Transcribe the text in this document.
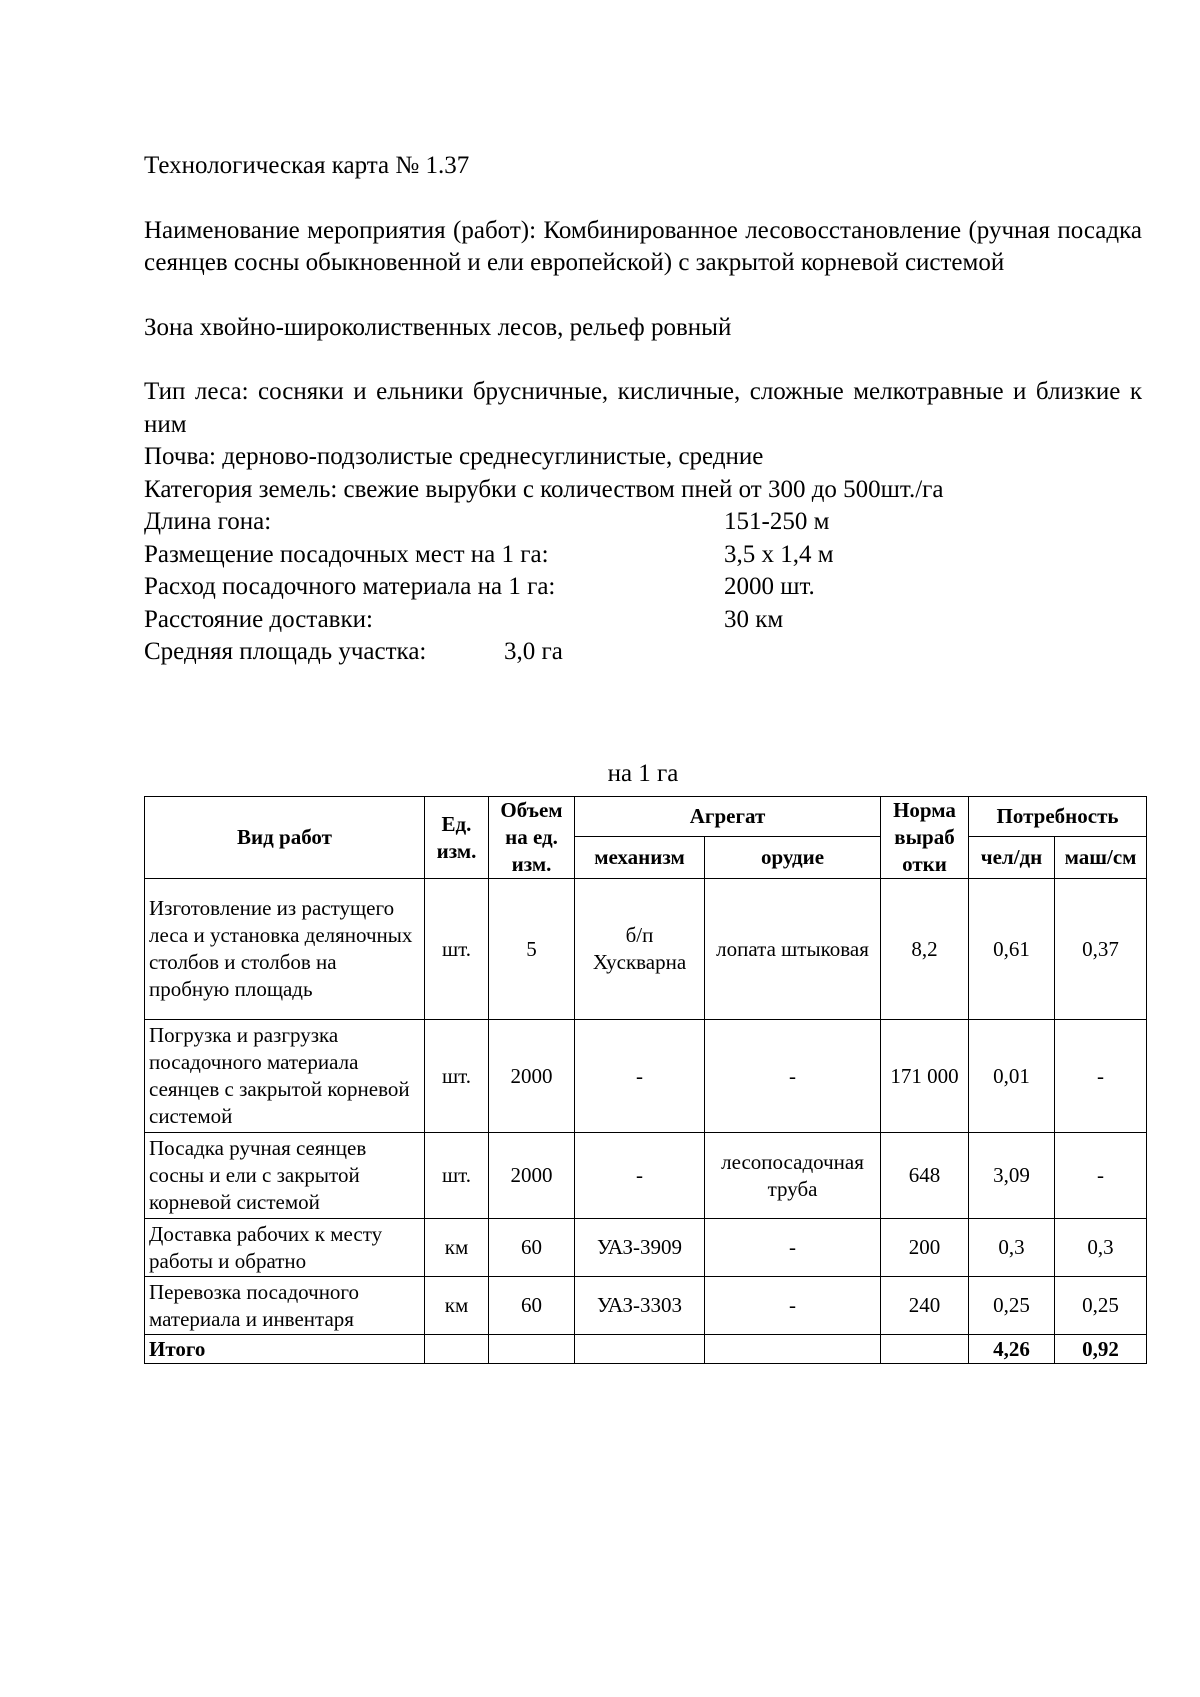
Технологическая карта № 1.37
Наименование мероприятия (работ): Комбинированное лесовосстановление (ручная посадка сеянцев сосны обыкновенной и ели европейской) с закрытой корневой системой
Зона хвойно-широколиственных лесов, рельеф ровный
Тип леса: сосняки и ельники брусничные, кисличные, сложные мелкотравные и близкие к ним
Почва: дерново-подзолистые среднесуглинистые, средние
Категория земель: свежие вырубки с количеством пней от 300 до 500шт./га
Длина гона:	151-250 м
Размещение посадочных мест на 1 га:	3,5 х 1,4 м
Расход посадочного материала на 1 га:	2000 шт.
Расстояние доставки:	30 км
Средняя площадь участка:	3,0 га
на 1 га
Вид работ	Ед. изм.	Объем на ед. изм.	Агрегат		Норма выраб отки	Потребность	
			механизм	орудие		чел/дн	маш/см
Изготовление из растущего леса и установка деляночных столбов и столбов на пробную площадь	шт.	5	б/п Хускварна	лопата штыковая	8,2	0,61	0,37
Погрузка и разгрузка посадочного материала сеянцев с закрытой корневой системой	шт.	2000	-	-	171 000	0,01	-
Посадка ручная сеянцев сосны и ели с закрытой корневой системой	шт.	2000	-	лесопосадочная труба	648	3,09	-
Доставка рабочих к месту работы и обратно	км	60	УАЗ-3909	-	200	0,3	0,3
Перевозка посадочного материала и инвентаря	км	60	УАЗ-3303	-	240	0,25	0,25
Итого						4,26	0,92
